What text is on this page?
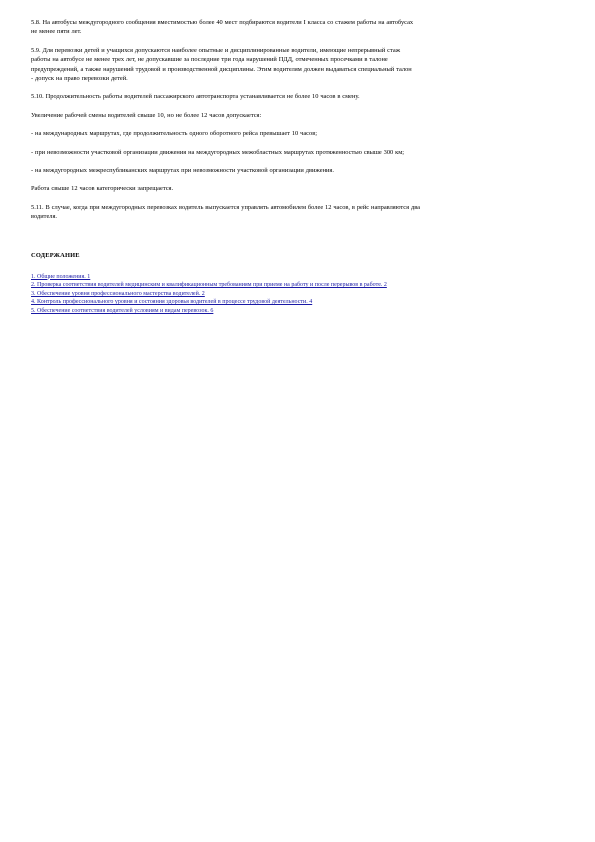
5.8. На автобусы междугородного сообщения вместимостью более 40 мест подбираются водители I класса со стажем работы на автобусах
не менее пяти лет.

5.9. Для перевозки детей и учащихся допускаются наиболее опытные и дисциплинированные водители, имеющие непрерывный стаж
работы на автобусе не менее трех лет, не допускавшие за последние три года нарушений ПДД, отмеченных просечками в талоне
предупреждений, а также нарушений трудовой и производственной дисциплины. Этим водителям должен выдаваться специальный талон
- допуск на право перевозки детей.

5.10. Продолжительность работы водителей пассажирского автотранспорта устанавливается не более 10 часов в смену.

Увеличение рабочей смены водителей свыше 10, но не более 12 часов допускается:

- на международных маршрутах, где продолжительность одного оборотного рейса превышает 10 часов;

- при невозможности участковой организации движения на междугородных межобластных маршрутах протяженностью свыше 300 км;

- на междугородных межреспубликанских маршрутах при невозможности участковой организации движения.

Работа свыше 12 часов категорически запрещается.

5.11. В случае, когда при междугородных перевозках водитель выпускается управлять автомобилем более 12 часов, в рейс направляются два
водителя.

СОДЕРЖАНИЕ
1. Общие положения. 1
2. Проверка соответствия водителей медицинским и квалификационным требованиям при приеме на работу и после перерывов в работе. 2
3. Обеспечение уровня профессионального мастерства водителей. 2
4. Контроль профессионального уровня и состояния здоровья водителей в процессе трудовой деятельности. 4
5. Обеспечение соответствия водителей условиям и видам перевозок. 6
